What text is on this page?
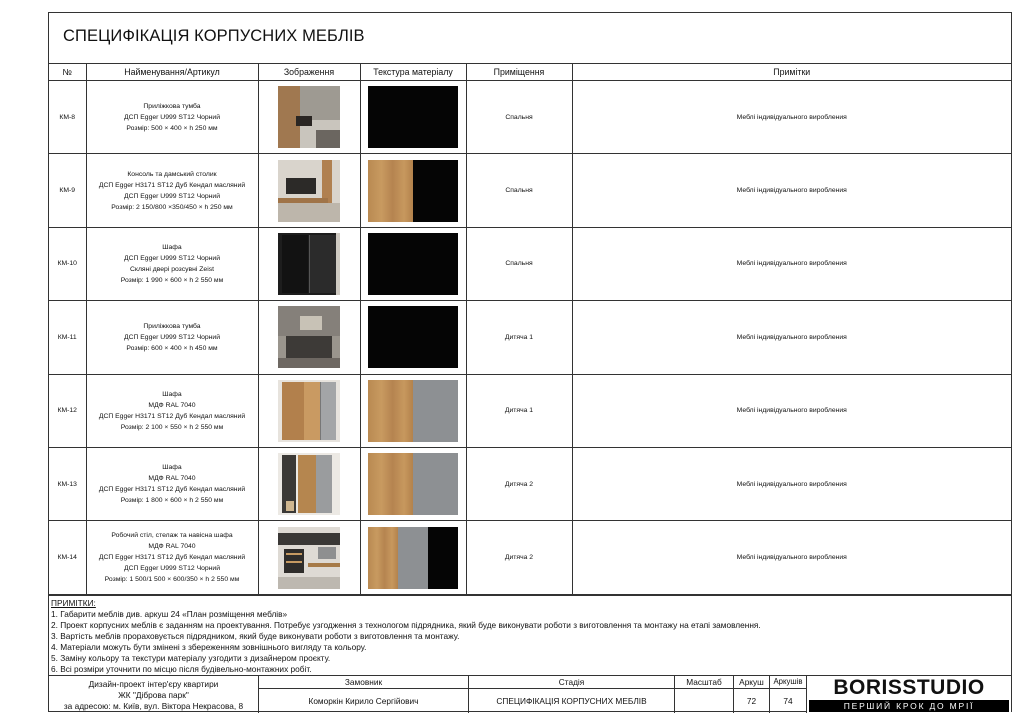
СПЕЦИФІКАЦІЯ КОРПУСНИХ МЕБЛІВ
№	Найменування/Артикул	Зображення	Текстура матеріалу	Приміщення	Примітки
КМ-8	Приліжкова тумба
ДСП Egger U999 ST12 Чорний
Розмір: 500 × 400 × h 250 мм			Спальня	Меблі індивідуального виробления
КМ-9	Консоль та дамський столик
ДСП Egger H3171 ST12 Дуб Кендал масляний
ДСП Egger U999 ST12 Чорний
Розмір: 2 150/800 ×350/450 × h 250 мм			Спальня	Меблі індивідуального виробления
КМ-10	Шафа
ДСП Egger U999 ST12 Чорний
Скляні двері розсувні Zeist
Розмір: 1 990 × 600 × h 2 550 мм			Спальня	Меблі індивідуального виробления
КМ-11	Приліжкова тумба
ДСП Egger U999 ST12 Чорний
Розмір: 600 × 400 × h 450 мм			Дитяча 1	Меблі індивідуального виробления
КМ-12	Шафа
МДФ RAL 7040
ДСП Egger H3171 ST12 Дуб Кендал масляний
Розмір: 2 100 × 550 × h 2 550 мм			Дитяча 1	Меблі індивідуального виробления
КМ-13	Шафа
МДФ RAL 7040
ДСП Egger H3171 ST12 Дуб Кендал масляний
Розмір: 1 800 × 600 × h 2 550 мм			Дитяча 2	Меблі індивідуального виробления
КМ-14	Робочий стіл, стелаж та навісна шафа
МДФ RAL 7040
ДСП Egger H3171 ST12 Дуб Кендал масляний
ДСП Egger U999 ST12 Чорний
Розмір: 1 500/1 500 × 600/350 × h 2 550 мм			Дитяча 2	Меблі індивідуального виробления
ПРИМІТКИ:
1. Габарити меблів див. аркуш 24 «План розміщення меблів»
2. Проект корпусних меблів є заданням на проектування. Потребує узгодження з технологом підрядника, який буде виконувати роботи з виготовлення та монтажу на етапі замовлення.
3. Вартість меблів прораховується підрядником, який буде виконувати роботи з виготовлення та монтажу.
4. Матеріали можуть бути змінені з збереженням зовнішнього вигляду та кольору.
5. Заміну кольору та текстури матеріалу узгодити з дизайнером проєкту.
6. Всі розміри уточнити по місцю після будівельно-монтажних робіт.
Дизайн-проект інтер'єру квартири
ЖК "Діброва парк"
за адресою: м. Київ, вул. Віктора Некрасова, 8
Замовник
Коморкін Кирило Сергійович
Стадія
СПЕЦИФІКАЦІЯ КОРПУСНИХ МЕБЛІВ
Масштаб	Аркуш
72
Аркушів
74
BORISSTUDIO
ПЕРШИЙ КРОК ДО МРІЇ
